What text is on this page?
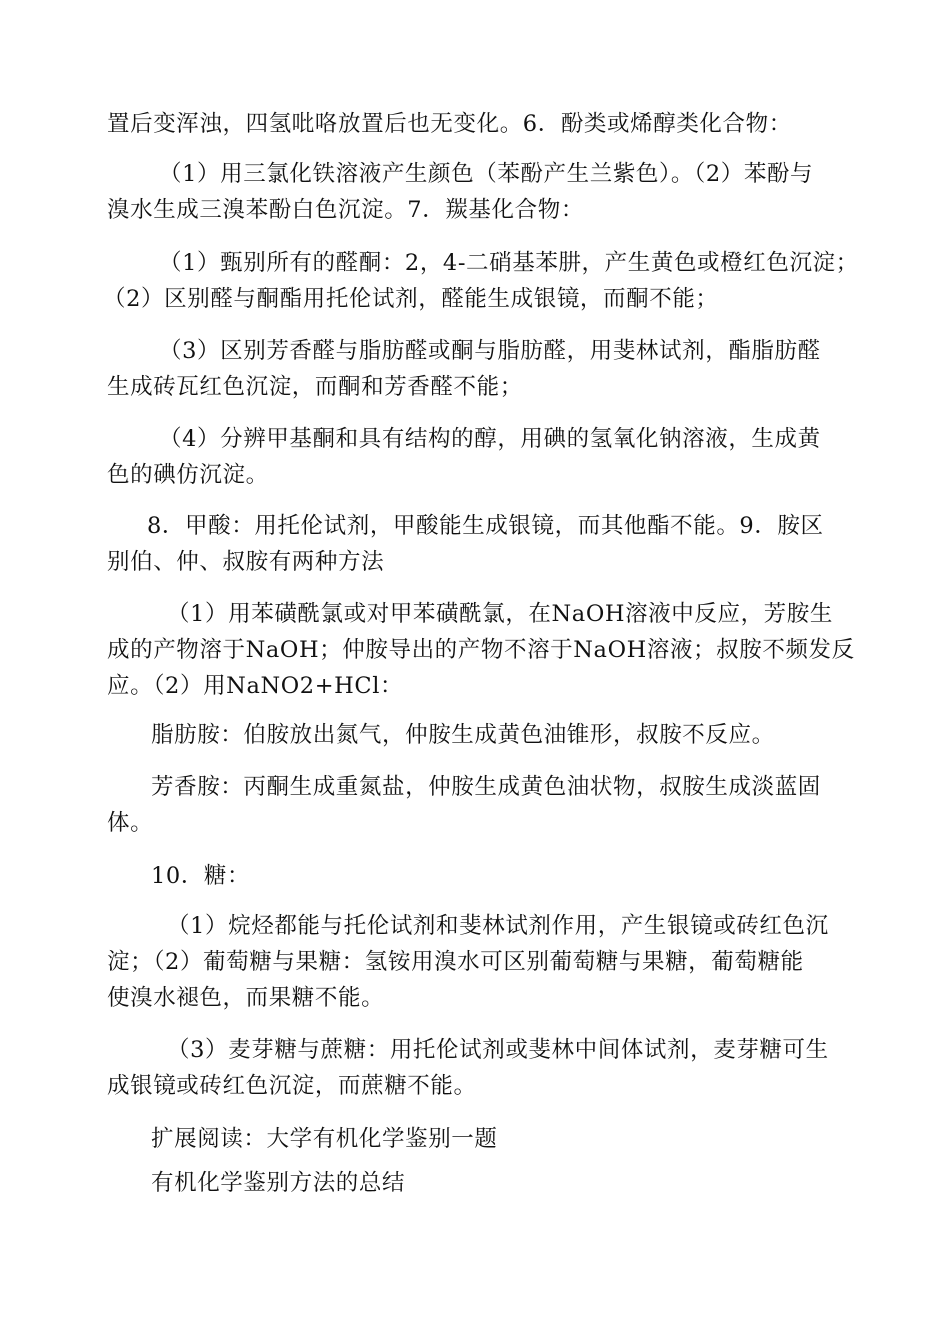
置后变浑浊，四氢吡咯放置后也无变化。6．酚类或烯醇类化合物：

（1）用三氯化铁溶液产生颜色（苯酚产生兰紫色）。（2）苯酚与
溴水生成三溴苯酚白色沉淀。7．羰基化合物：

（1）甄别所有的醛酮：2，4-二硝基苯肼，产生黄色或橙红色沉淀；
（2）区别醛与酮酯用托伦试剂，醛能生成银镜，而酮不能；

（3）区别芳香醛与脂肪醛或酮与脂肪醛，用斐林试剂，酯脂肪醛
生成砖瓦红色沉淀，而酮和芳香醛不能；

（4）分辨甲基酮和具有结构的醇，用碘的氢氧化钠溶液，生成黄
色的碘仿沉淀。

8．甲酸：用托伦试剂，甲酸能生成银镜，而其他酯不能。9．胺区
别伯、仲、叔胺有两种方法

（1）用苯磺酰氯或对甲苯磺酰氯，在NaOH溶液中反应，芳胺生
成的产物溶于NaOH；仲胺导出的产物不溶于NaOH溶液；叔胺不频发反
应。（2）用NaNO2+HCl：

脂肪胺：伯胺放出氮气，仲胺生成黄色油锥形，叔胺不反应。

芳香胺：丙酮生成重氮盐，仲胺生成黄色油状物，叔胺生成淡蓝固
体。

10．糖：

（1）烷烃都能与托伦试剂和斐林试剂作用，产生银镜或砖红色沉
淀；（2）葡萄糖与果糖：氢铵用溴水可区别葡萄糖与果糖，葡萄糖能
使溴水褪色，而果糖不能。

（3）麦芽糖与蔗糖：用托伦试剂或斐林中间体试剂，麦芽糖可生
成银镜或砖红色沉淀，而蔗糖不能。

扩展阅读：大学有机化学鉴别一题

有机化学鉴别方法的总结
